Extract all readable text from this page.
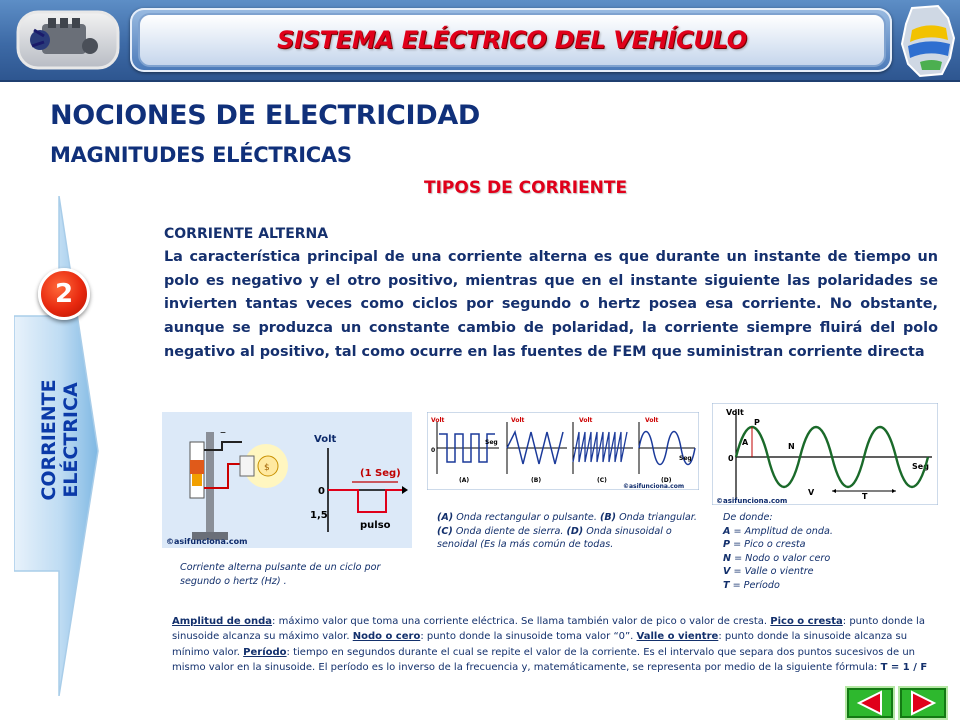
SISTEMA ELÉCTRICO DEL VEHÍCULO
NOCIONES DE ELECTRICIDAD
MAGNITUDES ELÉCTRICAS
TIPOS DE CORRIENTE
2
CORRIENTE ELÉCTRICA
CORRIENTE ALTERNA
La característica principal de una corriente alterna es que durante un instante de tiempo un polo es negativo y el otro positivo, mientras que en el instante siguiente las polaridades se invierten tantas veces como ciclos por segundo o hertz posea esa corriente. No obstante, aunque se produzca un constante cambio de polaridad, la corriente siempre fluirá del polo negativo al positivo, tal como ocurre en las fuentes de FEM que suministran corriente directa
–
$
Volt
(1 Seg)
0
1,5
pulso
©asifunciona.com
Corriente alterna pulsante de un ciclo por segundo o hertz (Hz) .
Volt
Seg
0
(A)
Volt
(B)
Volt
(C)
Volt
Seg
(D)
©asifunciona.com
(A) Onda rectangular o pulsante. (B) Onda triangular. (C) Onda diente de sierra. (D) Onda sinusoidal o senoidal (Es la más común de todas.
Volt
Seg
0
P
A	N
V	T
©asifunciona.com
De donde:
A = Amplitud de onda.
P = Pico o cresta
N = Nodo o valor cero
V = Valle o vientre
T = Período
Amplitud de onda: máximo valor que toma una corriente eléctrica. Se llama también valor de pico o valor de cresta. Pico o cresta: punto donde la sinusoide alcanza su máximo valor. Nodo o cero: punto donde la sinusoide toma valor “0”. Valle o vientre: punto donde la sinusoide alcanza su mínimo valor. Período: tiempo en segundos durante el cual se repite el valor de la corriente. Es el intervalo que separa dos puntos sucesivos de un mismo valor en la sinusoide. El período es lo inverso de la frecuencia y, matemáticamente, se representa por medio de la siguiente fórmula: T = 1 / F
